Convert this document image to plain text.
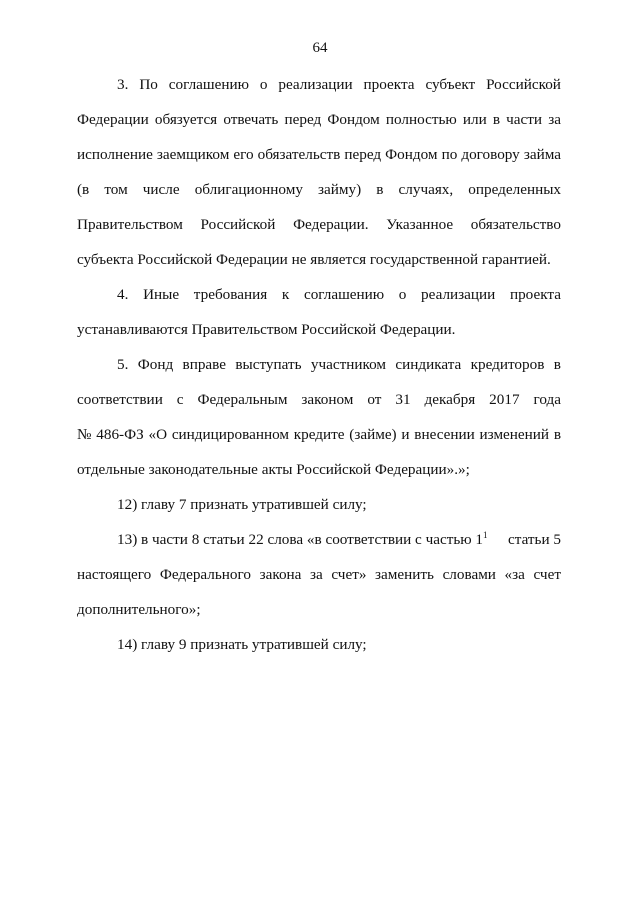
64
3. По соглашению о реализации проекта субъект Российской
Федерации обязуется отвечать перед Фондом полностью или в части за
исполнение заемщиком его обязательств перед Фондом по договору займа
(в том числе облигационному займу) в случаях, определенных
Правительством Российской Федерации. Указанное обязательство
субъекта Российской Федерации не является государственной гарантией.
4. Иные требования к соглашению о реализации проекта
устанавливаются Правительством Российской Федерации.
5. Фонд вправе выступать участником синдиката кредиторов в
соответствии с Федеральным законом от 31 декабря 2017 года
№ 486-ФЗ «О синдицированном кредите (займе) и внесении изменений в
отдельные законодательные акты Российской Федерации».»;
12) главу 7 признать утратившей силу;
13) в части 8 статьи 22 слова «в соответствии с частью $1^1$ статьи 5
настоящего Федерального закона за счет» заменить словами «за счет
дополнительного»;
14) главу 9 признать утратившей силу;
